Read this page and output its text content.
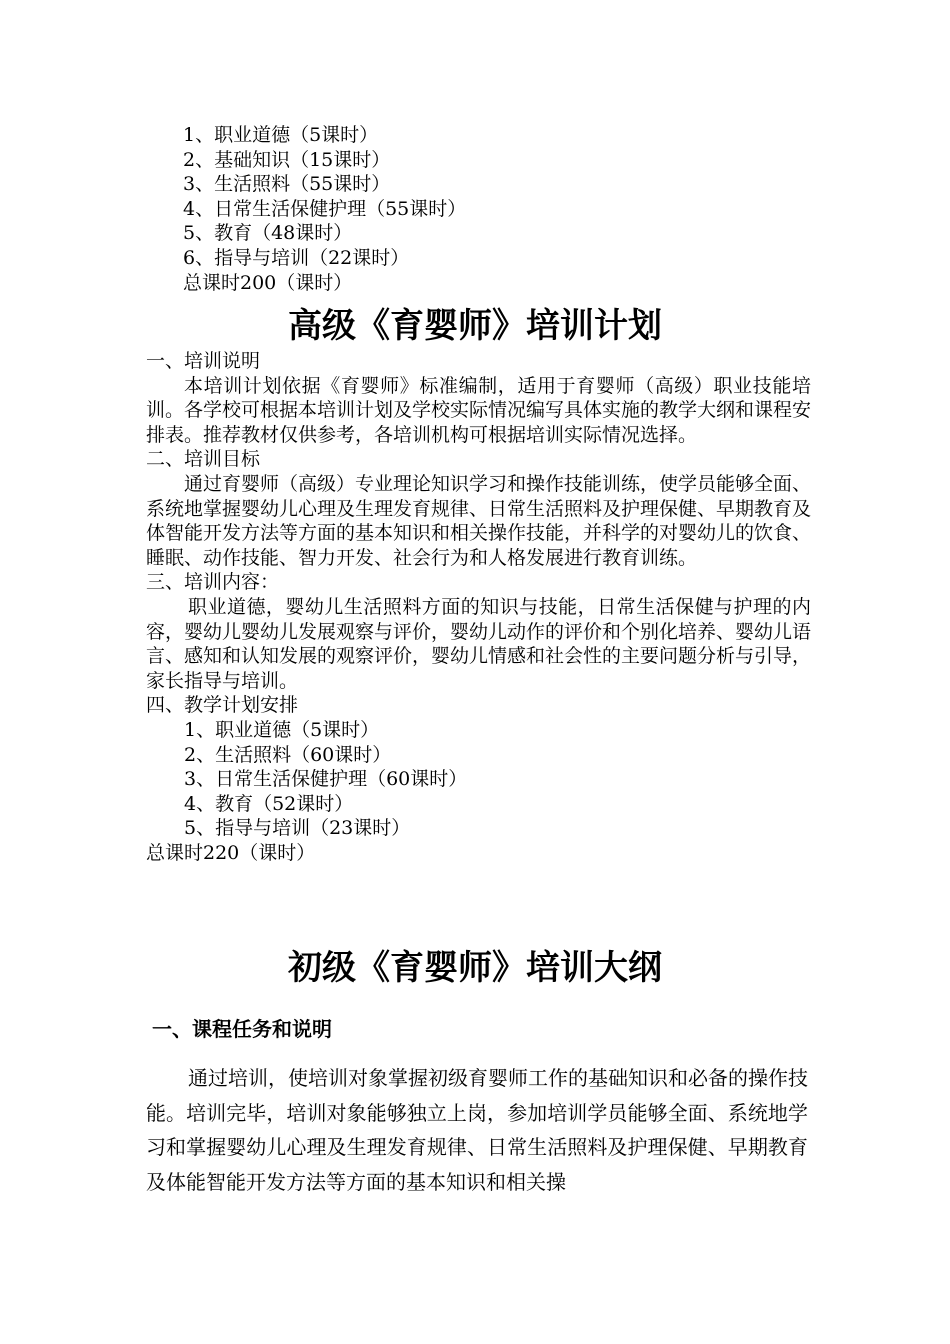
1、职业道德（5课时）
2、基础知识（15课时）
3、生活照料（55课时）
4、日常生活保健护理（55课时）
5、教育（48课时）
6、指导与培训（22课时）
总课时200（课时）
高级《育婴师》培训计划
一、培训说明

本培训计划依据《育婴师》标准编制，适用于育婴师（高级）职业技能培训。各学校可根据本培训计划及学校实际情况编写具体实施的教学大纲和课程安排表。推荐教材仅供参考，各培训机构可根据培训实际情况选择。

二、培训目标

通过育婴师（高级）专业理论知识学习和操作技能训练，使学员能够全面、系统地掌握婴幼儿心理及生理发育规律、日常生活照料及护理保健、早期教育及体智能开发方法等方面的基本知识和相关操作技能，并科学的对婴幼儿的饮食、睡眠、动作技能、智力开发、社会行为和人格发展进行教育训练。

三、培训内容：

职业道德，婴幼儿生活照料方面的知识与技能，日常生活保健与护理的内容，婴幼儿婴幼儿发展观察与评价，婴幼儿动作的评价和个别化培养、婴幼儿语言、感知和认知发展的观察评价，婴幼儿情感和社会性的主要问题分析与引导，家长指导与培训。

四、教学计划安排
1、职业道德（5课时）
2、生活照料（60课时）
3、日常生活保健护理（60课时）
4、教育（52课时）
5、指导与培训（23课时）
总课时220（课时）
初级《育婴师》培训大纲
一、课程任务和说明

通过培训，使培训对象掌握初级育婴师工作的基础知识和必备的操作技能。培训完毕，培训对象能够独立上岗，参加培训学员能够全面、系统地学习和掌握婴幼儿心理及生理发育规律、日常生活照料及护理保健、早期教育及体能智能开发方法等方面的基本知识和相关操
